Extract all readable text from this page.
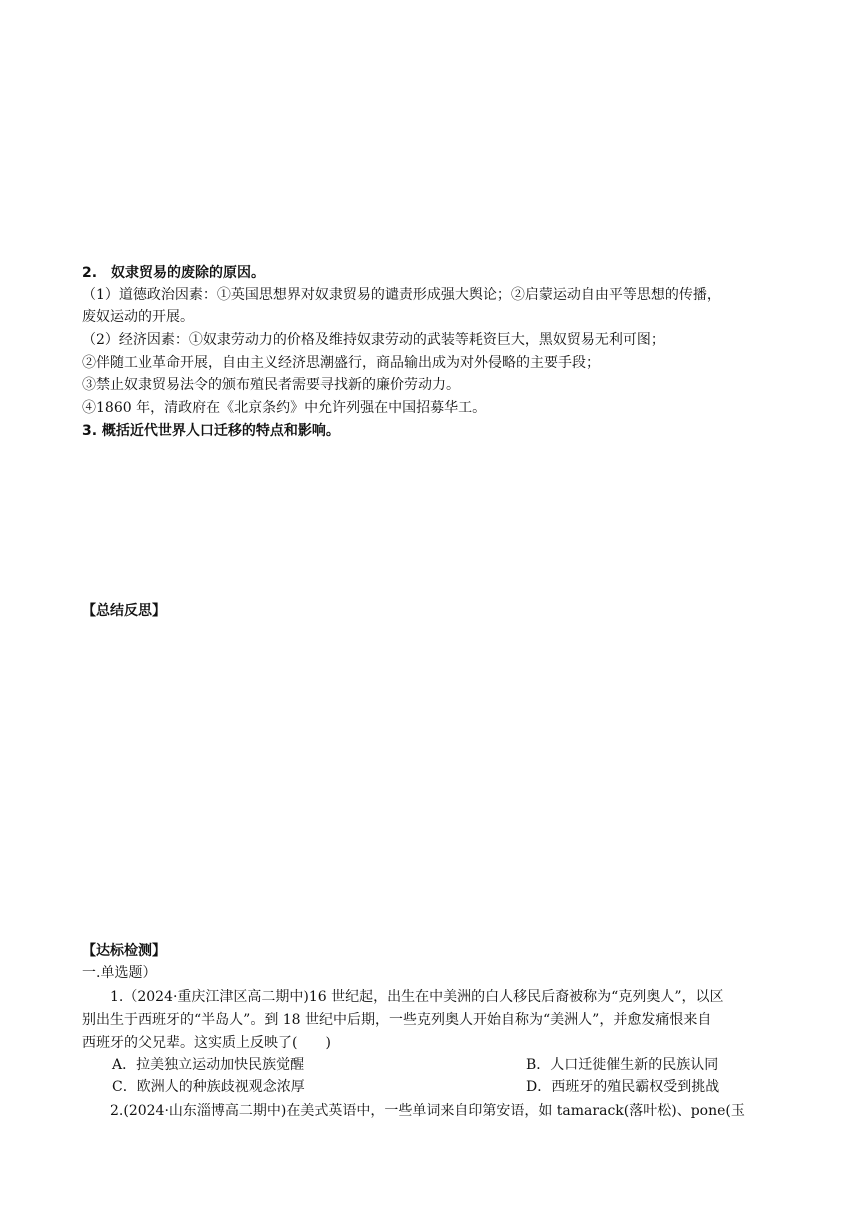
2.　奴隶贸易的废除的原因。
（1）道德政治因素：①英国思想界对奴隶贸易的谴责形成强大舆论；②启蒙运动自由平等思想的传播，
废奴运动的开展。
（2）经济因素：①奴隶劳动力的价格及维持奴隶劳动的武装等耗资巨大，黑奴贸易无利可图；
②伴随工业革命开展，自由主义经济思潮盛行，商品输出成为对外侵略的主要手段；
③禁止奴隶贸易法令的颁布殖民者需要寻找新的廉价劳动力。
④1860 年，清政府在《北京条约》中允许列强在中国招募华工。
3. 概括近代世界人口迁移的特点和影响。
【总结反思】
【达标检测】
一.单选题）
1.（2024·重庆江津区高二期中)16 世纪起，出生在中美洲的白人移民后裔被称为“克列奥人”，以区
别出生于西班牙的“半岛人”。到 18 世纪中后期，一些克列奥人开始自称为“美洲人”，并愈发痛恨来自
西班牙的父兄辈。这实质上反映了(　　)
A．拉美独立运动加快民族觉醒	B．人口迁徙催生新的民族认同
C．欧洲人的种族歧视观念浓厚	D．西班牙的殖民霸权受到挑战
2.(2024·山东淄博高二期中)在美式英语中，一些单词来自印第安语，如 tamarack(落叶松)、pone(玉
